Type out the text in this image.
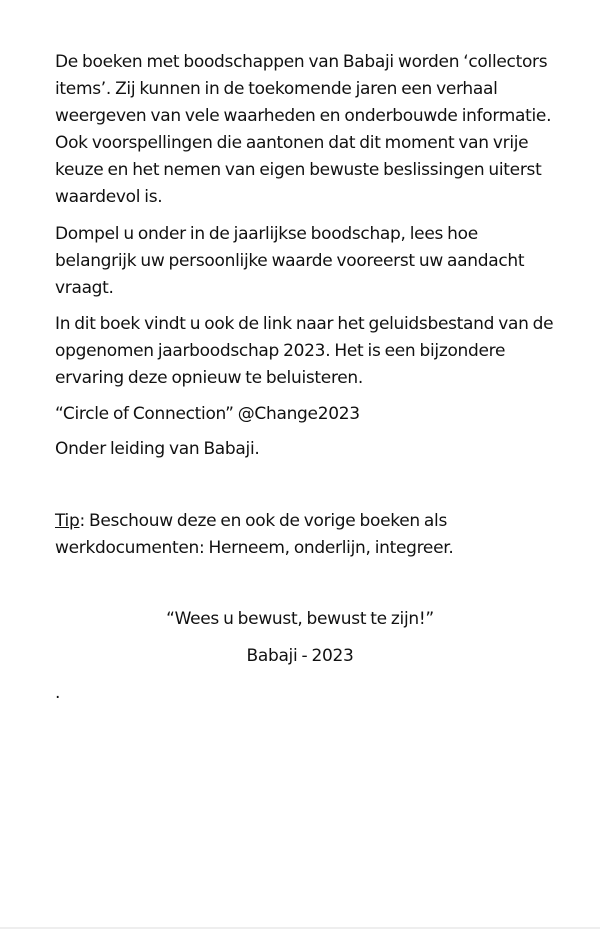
De boeken met boodschappen van Babaji worden ‘collectors items’. Zij kunnen in de toekomende jaren een verhaal weergeven van vele waarheden en onderbouwde informatie. Ook voorspellingen die aantonen dat dit moment van vrije keuze en het nemen van eigen bewuste beslissingen uiterst waardevol is.
Dompel u onder in de jaarlijkse boodschap, lees hoe belangrijk uw persoonlijke waarde vooreerst uw aandacht vraagt.
In dit boek vindt u ook de link naar het geluidsbestand van de opgenomen jaarboodschap 2023. Het is een bijzondere ervaring deze opnieuw te beluisteren.
“Circle of Connection” @Change2023
Onder leiding van Babaji.
Tip: Beschouw deze en ook de vorige boeken als werkdocumenten: Herneem, onderlijn, integreer.
“Wees u bewust, bewust te zijn!”
Babaji - 2023
.
